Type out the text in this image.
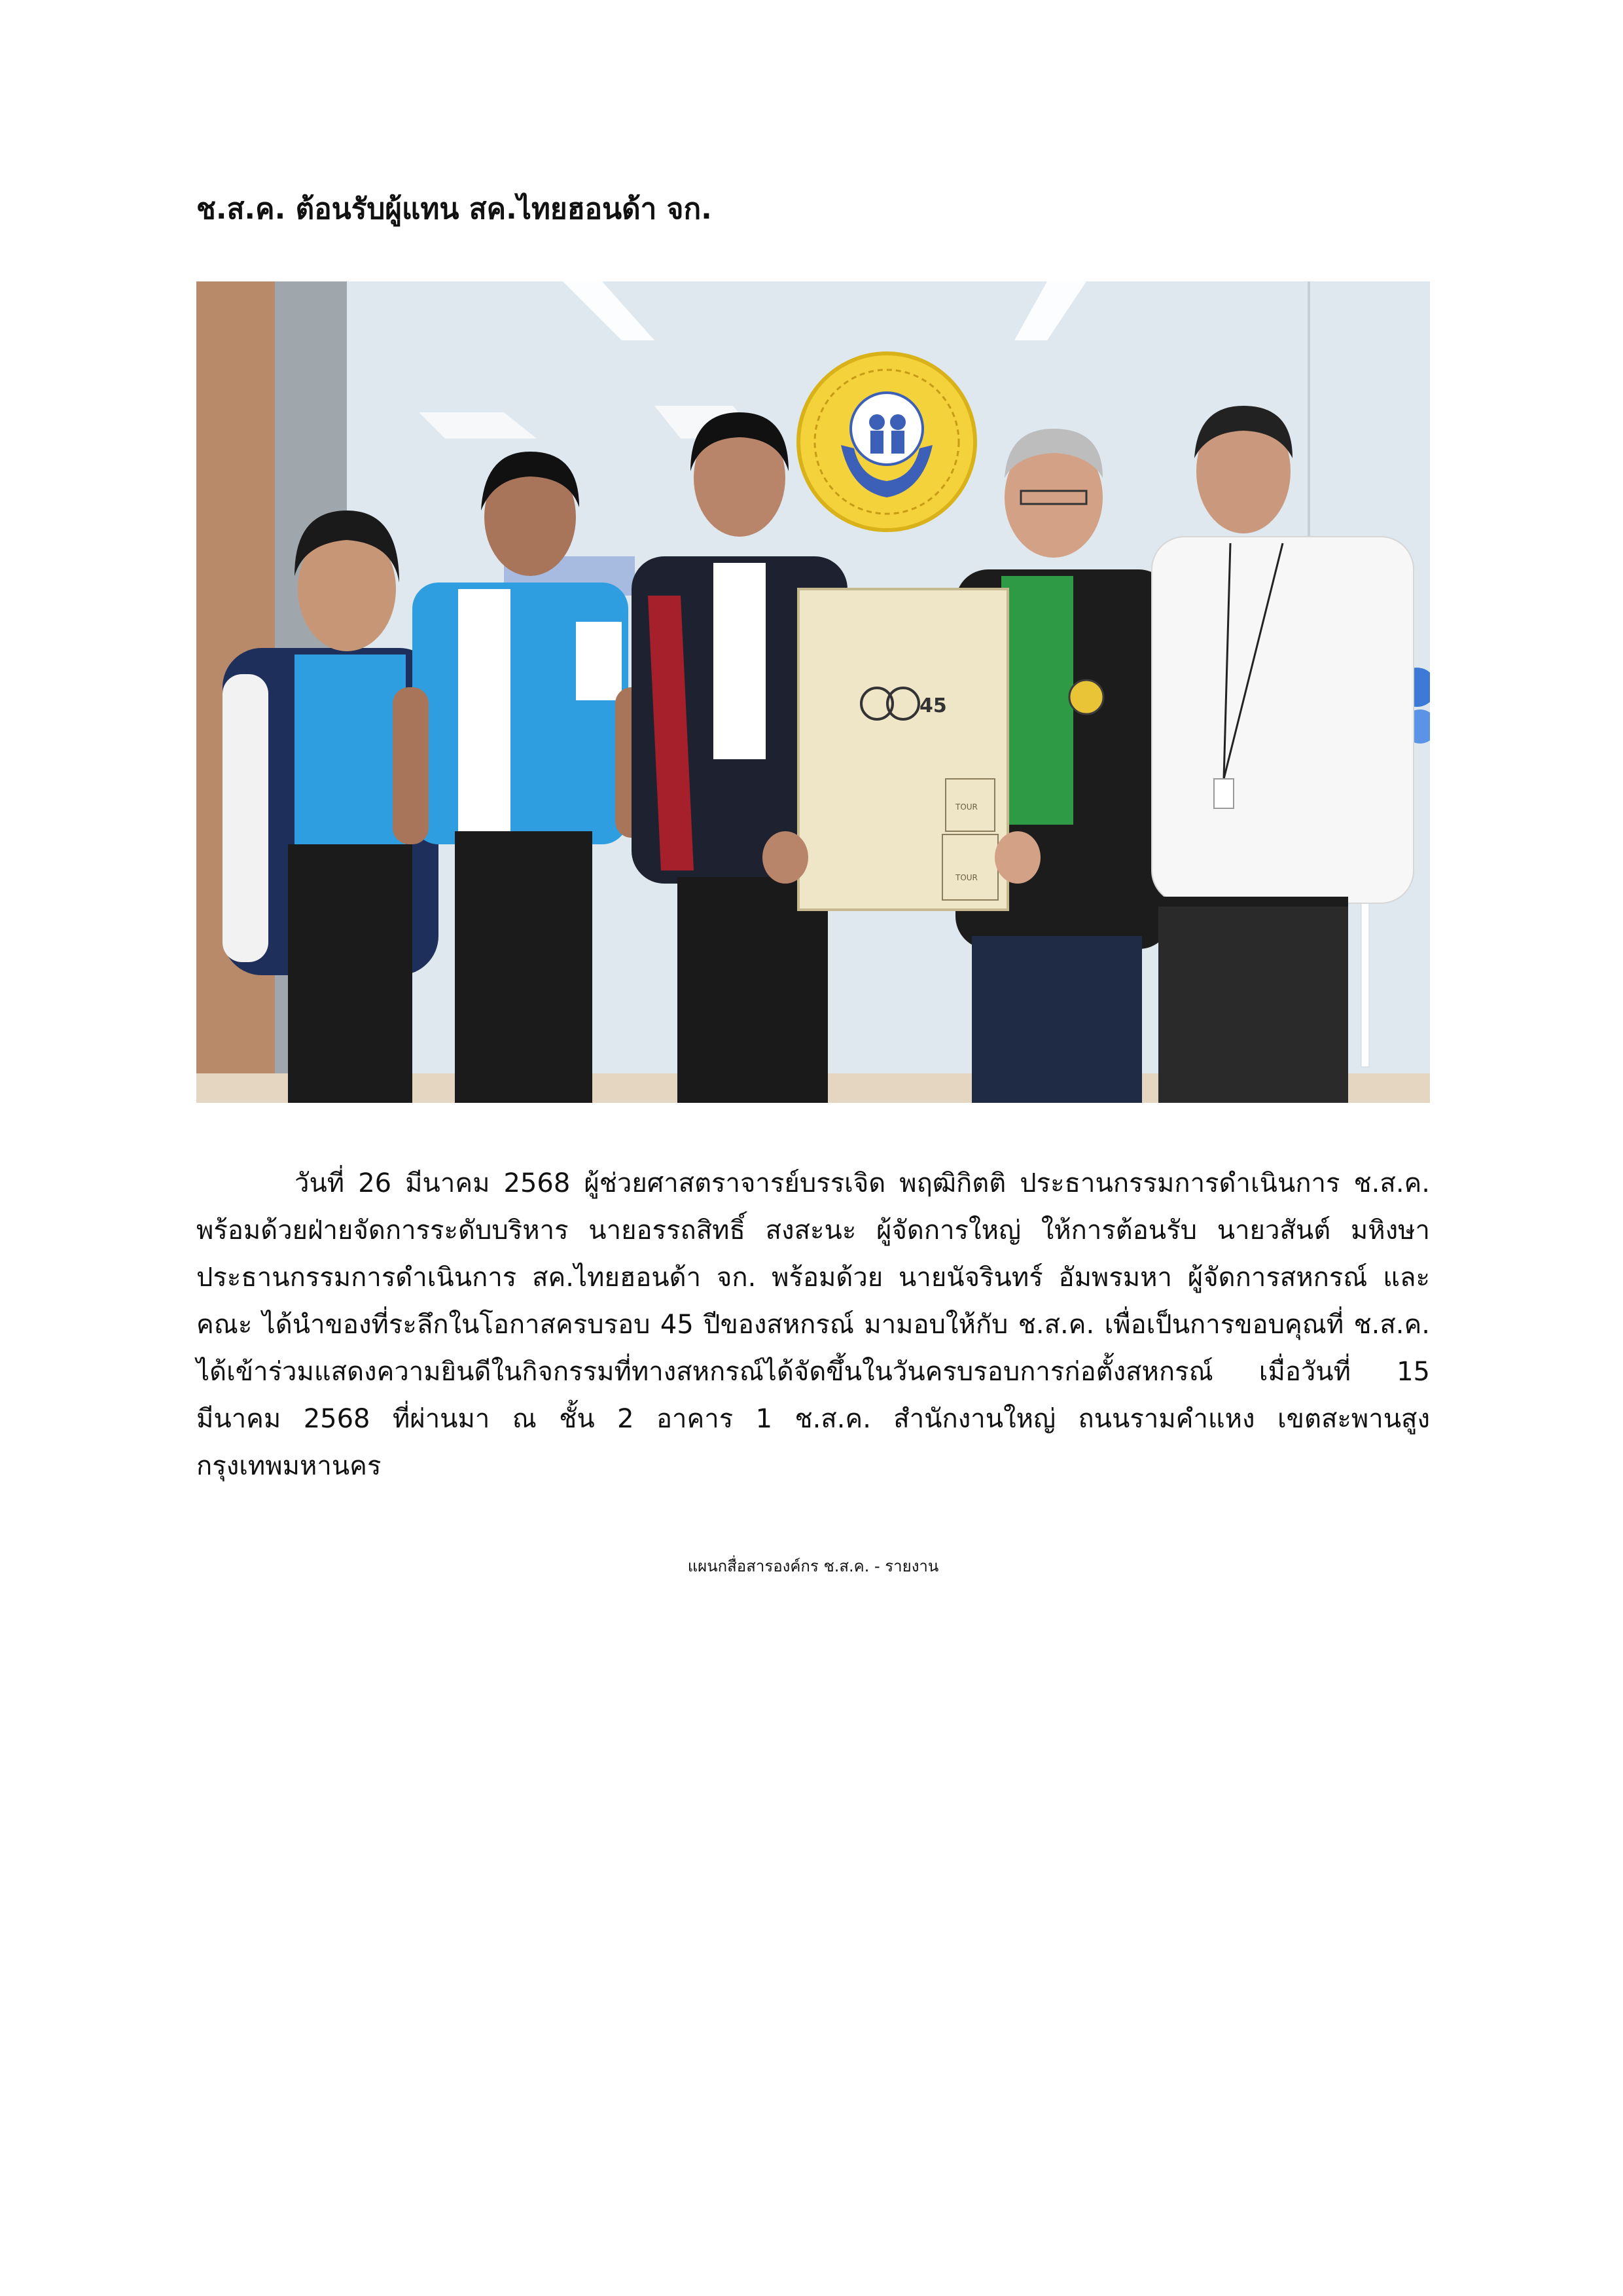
ช.ส.ค. ต้อนรับผู้แทน สค.ไทยฮอนด้า จก.
45
TOUR
TOUR
วันที่ 26 มีนาคม 2568 ผู้ช่วยศาสตราจารย์บรรเจิด พฤฒิกิตติ ประธานกรรมการดำเนินการ ช.ส.ค. พร้อมด้วยฝ่ายจัดการระดับบริหาร นายอรรถสิทธิ์ สงสะนะ ผู้จัดการใหญ่ ให้การต้อนรับ นายวสันต์ มหิงษา ประธานกรรมการดำเนินการ สค.ไทยฮอนด้า จก. พร้อมด้วย นายนัจรินทร์ อัมพรมหา ผู้จัดการสหกรณ์ และคณะ ได้นำของที่ระลึกในโอกาสครบรอบ 45 ปีของสหกรณ์ มามอบให้กับ ช.ส.ค. เพื่อเป็นการขอบคุณที่ ช.ส.ค. ได้เข้าร่วมแสดงความยินดีในกิจกรรมที่ทางสหกรณ์ได้จัดขึ้นในวันครบรอบการก่อตั้งสหกรณ์ เมื่อวันที่ 15 มีนาคม 2568 ที่ผ่านมา ณ ชั้น 2 อาคาร 1 ช.ส.ค. สำนักงานใหญ่ ถนนรามคำแหง เขตสะพานสูง กรุงเทพมหานคร
แผนกสื่อสารองค์กร ช.ส.ค. - รายงาน
